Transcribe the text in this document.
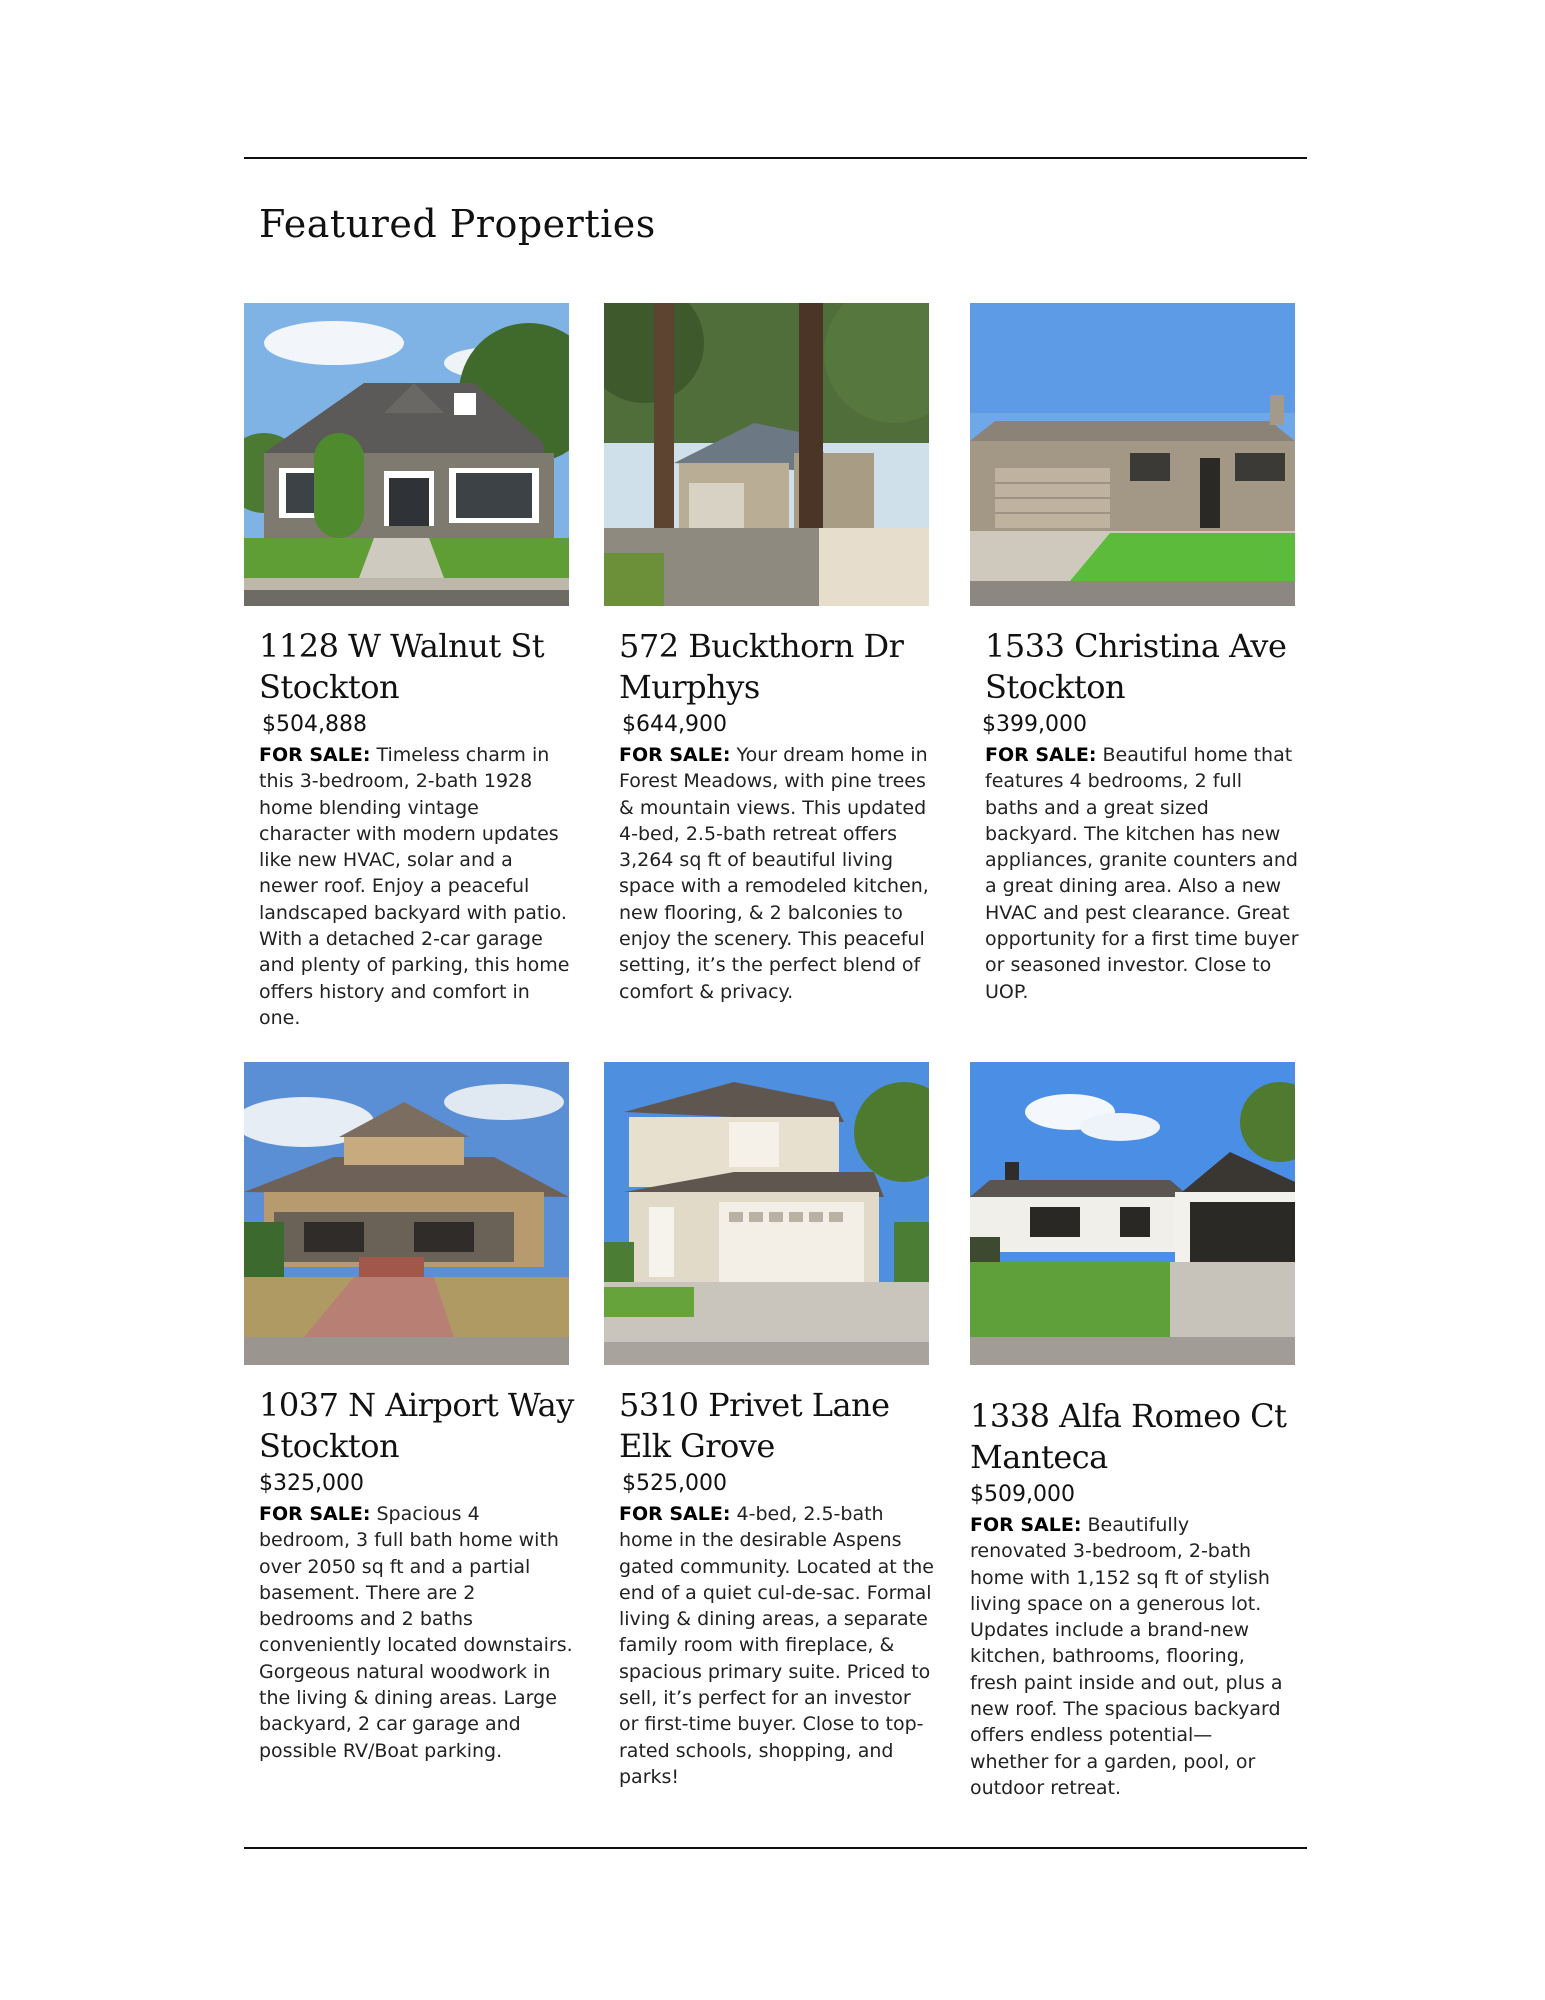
Featured Properties
1128 W Walnut St
Stockton
$504,888

FOR SALE: Timeless charm in this 3-bedroom, 2-bath 1928 home blending vintage character with modern updates like new HVAC, solar and a newer roof. Enjoy a peaceful landscaped backyard with patio. With a detached 2-car garage and plenty of parking, this home offers history and comfort in one.

572 Buckthorn Dr
Murphys
$644,900

FOR SALE: Your dream home in Forest Meadows, with pine trees & mountain views. This updated 4-bed, 2.5-bath retreat offers 3,264 sq ft of beautiful living space with a remodeled kitchen, new flooring, & 2 balconies to enjoy the scenery. This peaceful setting, it’s the perfect blend of comfort & privacy.

1533 Christina Ave
Stockton
$399,000

FOR SALE: Beautiful home that features 4 bedrooms, 2 full baths and a great sized backyard. The kitchen has new appliances, granite counters and a great dining area. Also a new HVAC and pest clearance. Great opportunity for a first time buyer or seasoned investor. Close to UOP.

1037 N Airport Way
Stockton
$325,000

FOR SALE: Spacious 4 bedroom, 3 full bath home with over 2050 sq ft and a partial basement. There are 2 bedrooms and 2 baths conveniently located downstairs. Gorgeous natural woodwork in the living & dining areas. Large backyard, 2 car garage and possible RV/Boat parking.

5310 Privet Lane
Elk Grove
$525,000

FOR SALE: 4-bed, 2.5-bath home in the desirable Aspens gated community. Located at the end of a quiet cul-de-sac. Formal living & dining areas, a separate family room with fireplace, & spacious primary suite. Priced to sell, it’s perfect for an investor or first-time buyer. Close to top-rated schools, shopping, and parks!

1338 Alfa Romeo Ct
Manteca
$509,000

FOR SALE: Beautifully renovated 3-bedroom, 2-bath home with 1,152 sq ft of stylish living space on a generous lot. Updates include a brand-new kitchen, bathrooms, flooring, fresh paint inside and out, plus a new roof. The spacious backyard offers endless potential—whether for a garden, pool, or outdoor retreat.
